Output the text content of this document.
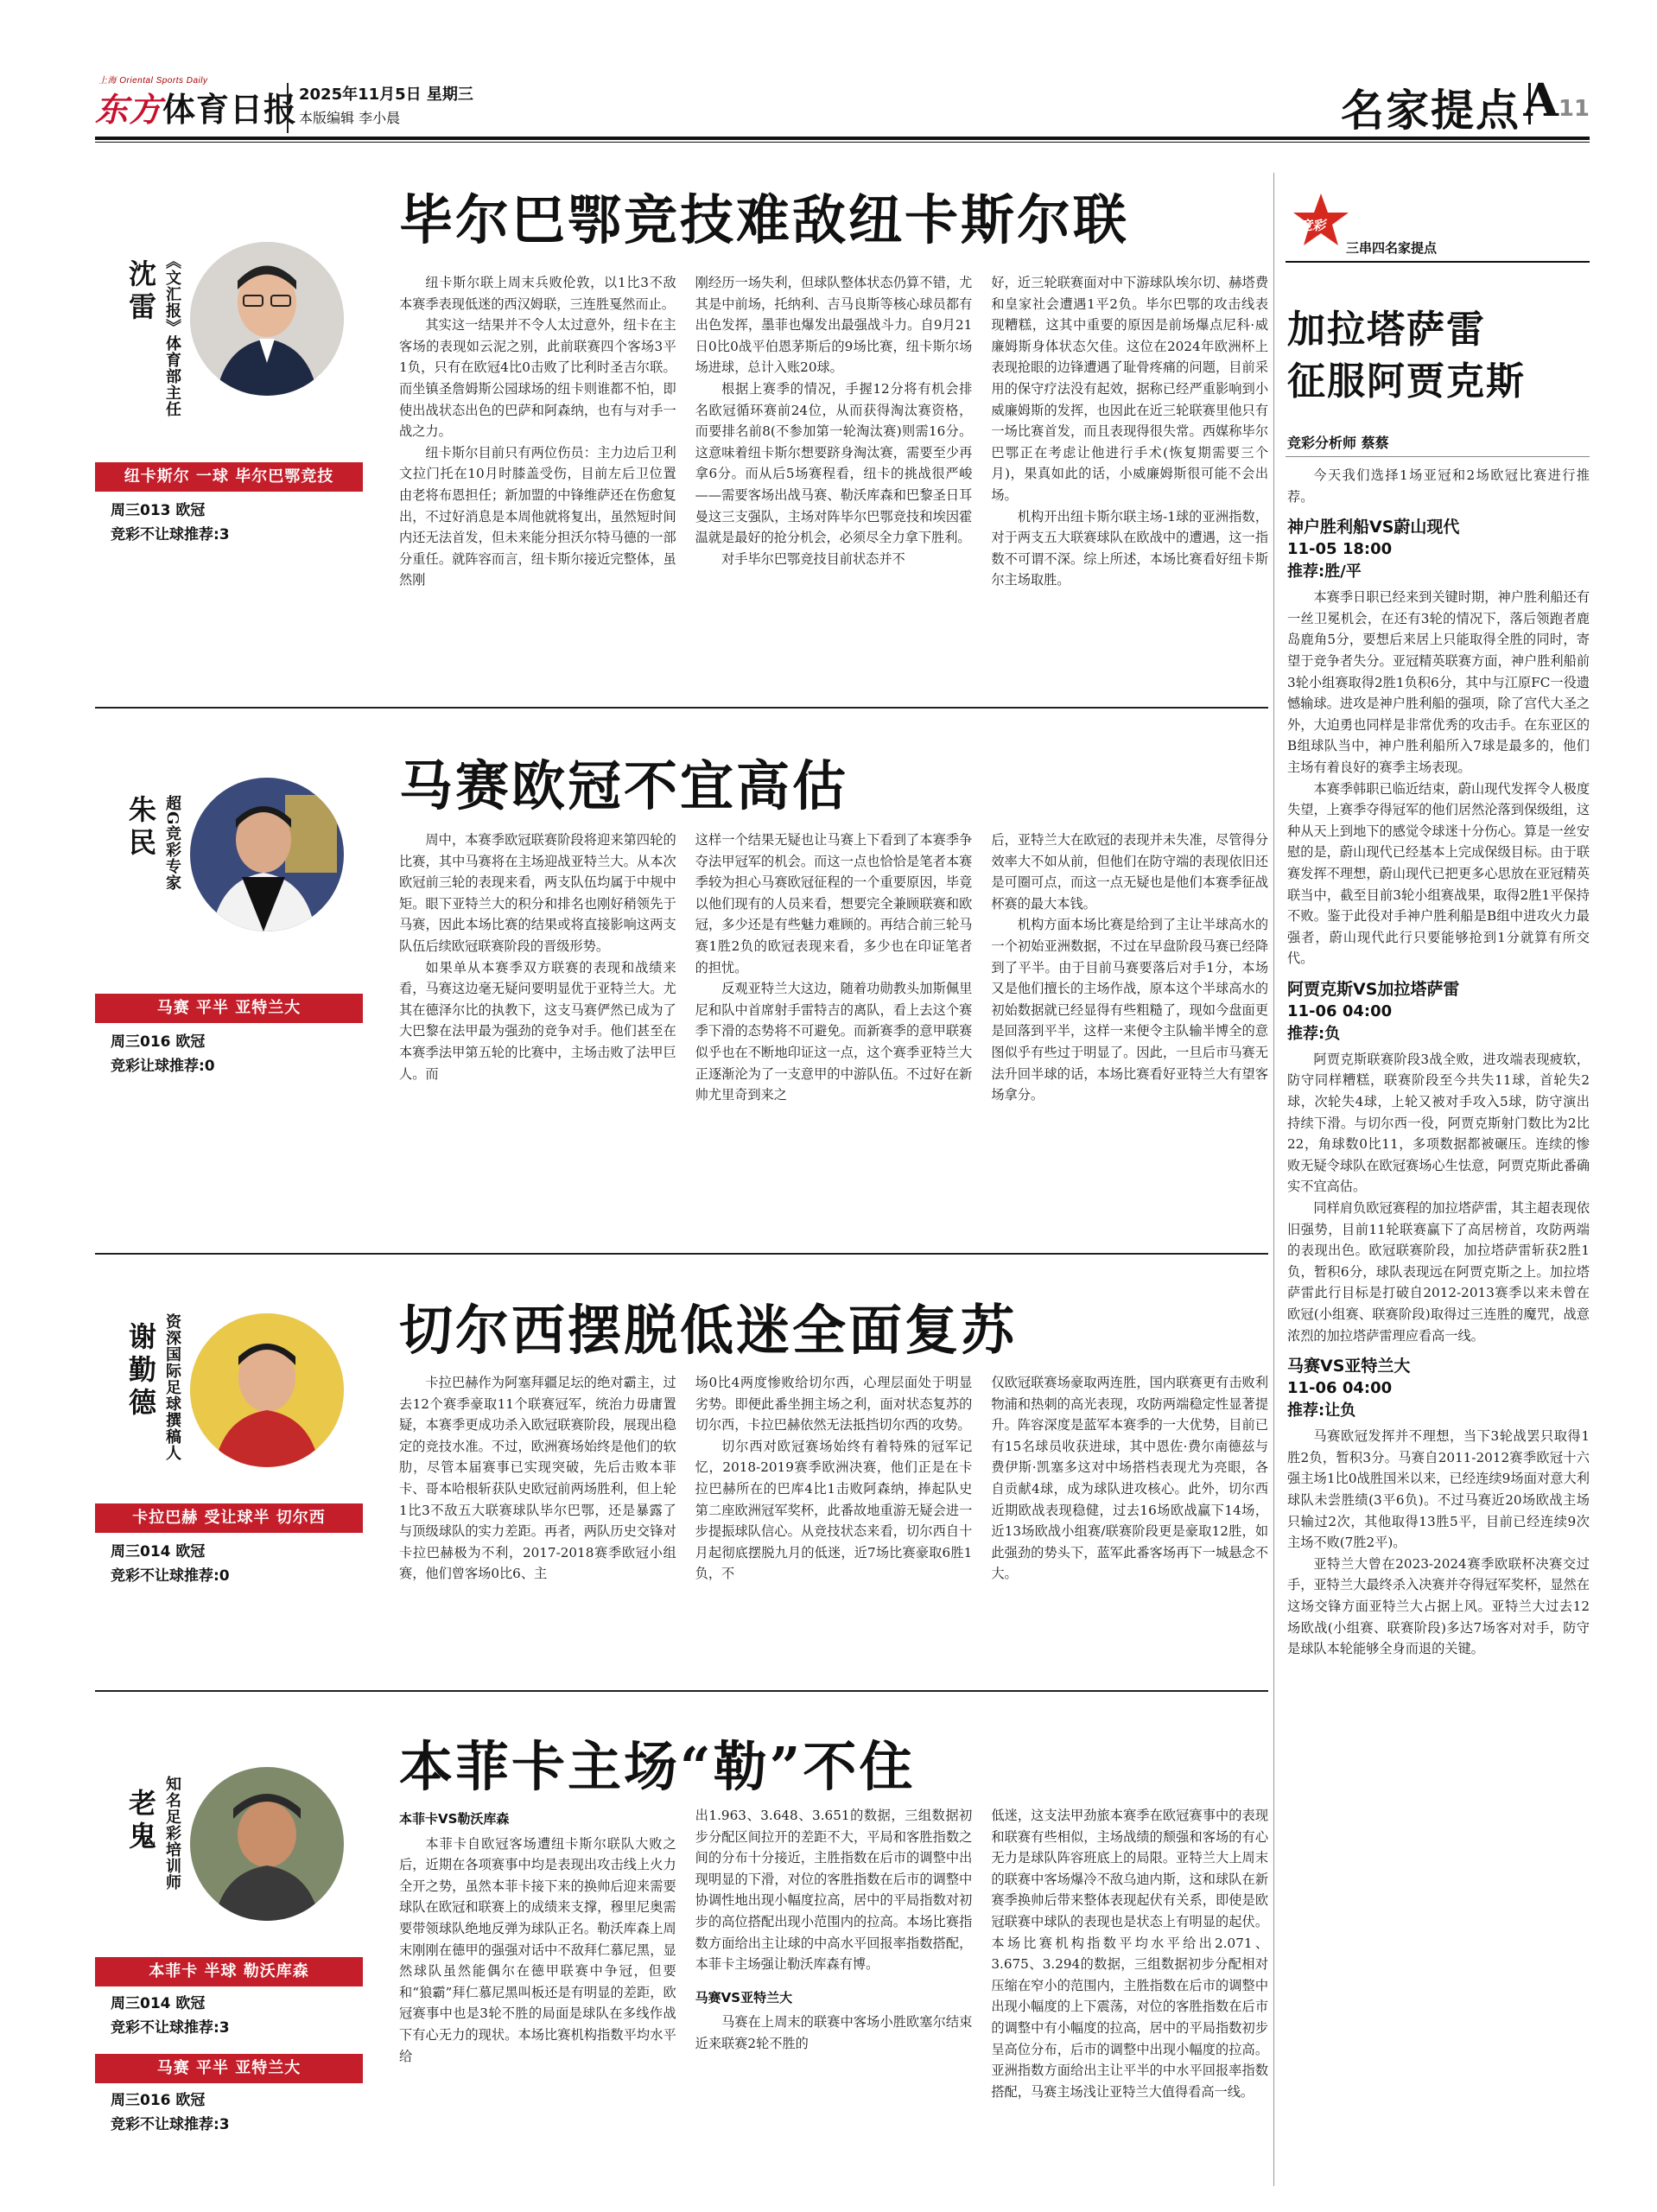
上海 Oriental Sports Daily
东方体育日报 2025年11月5日 星期三
本版编辑 李小晨	名家提点 A11
沈雷 《文汇报》体育部主任
纽卡斯尔 一球 毕尔巴鄂竞技
周三013 欧冠
竞彩不让球推荐:3
毕尔巴鄂竞技难敌纽卡斯尔联

纽卡斯尔联上周末兵败伦敦，以1比3不敌本赛季表现低迷的西汉姆联，三连胜戛然而止。

其实这一结果并不令人太过意外，纽卡在主客场的表现如云泥之别，此前联赛四个客场3平1负，只有在欧冠4比0击败了比利时圣吉尔联。而坐镇圣詹姆斯公园球场的纽卡则谁都不怕，即使出战状态出色的巴萨和阿森纳，也有与对手一战之力。

纽卡斯尔目前只有两位伤员：主力边后卫利文拉门托在10月时膝盖受伤，目前左后卫位置由老将布恩担任；新加盟的中锋维萨还在伤愈复出，不过好消息是本周他就将复出，虽然短时间内还无法首发，但未来能分担沃尔特马德的一部分重任。就阵容而言，纽卡斯尔接近完整体，虽然刚

刚经历一场失利，但球队整体状态仍算不错，尤其是中前场，托纳利、吉马良斯等核心球员都有出色发挥，墨菲也爆发出最强战斗力。自9月21日0比0战平伯恩茅斯后的9场比赛，纽卡斯尔场场进球，总计入账20球。

根据上赛季的情况，手握12分将有机会排名欧冠循环赛前24位，从而获得淘汰赛资格，而要排名前8(不参加第一轮淘汰赛)则需16分。这意味着纽卡斯尔想要跻身淘汰赛，需要至少再拿6分。而从后5场赛程看，纽卡的挑战很严峻——需要客场出战马赛、勒沃库森和巴黎圣日耳曼这三支强队，主场对阵毕尔巴鄂竞技和埃因霍温就是最好的抢分机会，必须尽全力拿下胜利。

对手毕尔巴鄂竞技目前状态并不

好，近三轮联赛面对中下游球队埃尔切、赫塔费和皇家社会遭遇1平2负。毕尔巴鄂的攻击线表现糟糕，这其中重要的原因是前场爆点尼科·威廉姆斯身体状态欠佳。这位在2024年欧洲杯上表现抢眼的边锋遭遇了耻骨疼痛的问题，目前采用的保守疗法没有起效，据称已经严重影响到小威廉姆斯的发挥，也因此在近三轮联赛里他只有一场比赛首发，而且表现得很失常。西媒称毕尔巴鄂正在考虑让他进行手术(恢复期需要三个月)，果真如此的话，小威廉姆斯很可能不会出场。

机构开出纽卡斯尔联主场-1球的亚洲指数，对于两支五大联赛球队在欧战中的遭遇，这一指数不可谓不深。综上所述，本场比赛看好纽卡斯尔主场取胜。

朱民 超G竞彩专家
马赛 平半 亚特兰大
周三016 欧冠
竞彩让球推荐:0
马赛欧冠不宜高估

周中，本赛季欧冠联赛阶段将迎来第四轮的比赛，其中马赛将在主场迎战亚特兰大。从本次欧冠前三轮的表现来看，两支队伍均属于中规中矩。眼下亚特兰大的积分和排名也刚好稍领先于马赛，因此本场比赛的结果或将直接影响这两支队伍后续欧冠联赛阶段的晋级形势。

如果单从本赛季双方联赛的表现和战绩来看，马赛这边毫无疑问要明显优于亚特兰大。尤其在德泽尔比的执教下，这支马赛俨然已成为了大巴黎在法甲最为强劲的竞争对手。他们甚至在本赛季法甲第五轮的比赛中，主场击败了法甲巨人。而

这样一个结果无疑也让马赛上下看到了本赛季争夺法甲冠军的机会。而这一点也恰恰是笔者本赛季较为担心马赛欧冠征程的一个重要原因，毕竟以他们现有的人员来看，想要完全兼顾联赛和欧冠，多少还是有些魅力难顾的。再结合前三轮马赛1胜2负的欧冠表现来看，多少也在印证笔者的担忧。

反观亚特兰大这边，随着功勋教头加斯佩里尼和队中首席射手雷特吉的离队，看上去这个赛季下滑的态势将不可避免。而新赛季的意甲联赛似乎也在不断地印证这一点，这个赛季亚特兰大正逐渐沦为了一支意甲的中游队伍。不过好在新帅尤里奇到来之

后，亚特兰大在欧冠的表现并未失准，尽管得分效率大不如从前，但他们在防守端的表现依旧还是可圈可点，而这一点无疑也是他们本赛季征战杯赛的最大本钱。

机构方面本场比赛是给到了主让半球高水的一个初始亚洲数据，不过在早盘阶段马赛已经降到了平半。由于目前马赛要落后对手1分，本场又是他们擅长的主场作战，原本这个半球高水的初始数据就已经显得有些粗糙了，现如今盘面更是回落到平半，这样一来便令主队输半博全的意图似乎有些过于明显了。因此，一旦后市马赛无法升回半球的话，本场比赛看好亚特兰大有望客场拿分。

谢勤德 资深国际足球撰稿人
卡拉巴赫 受让球半 切尔西
周三014 欧冠
竞彩不让球推荐:0
切尔西摆脱低迷全面复苏

卡拉巴赫作为阿塞拜疆足坛的绝对霸主，过去12个赛季豪取11个联赛冠军，统治力毋庸置疑，本赛季更成功杀入欧冠联赛阶段，展现出稳定的竞技水准。不过，欧洲赛场始终是他们的软肋，尽管本届赛事已实现突破，先后击败本菲卡、哥本哈根斩获队史欧冠前两场胜利，但上轮1比3不敌五大联赛球队毕尔巴鄂，还是暴露了与顶级球队的实力差距。再者，两队历史交锋对卡拉巴赫极为不利，2017-2018赛季欧冠小组赛，他们曾客场0比6、主

场0比4两度惨败给切尔西，心理层面处于明显劣势。即便此番坐拥主场之利，面对状态复苏的切尔西，卡拉巴赫依然无法抵挡切尔西的攻势。

切尔西对欧冠赛场始终有着特殊的冠军记忆，2018-2019赛季欧洲决赛，他们正是在卡拉巴赫所在的巴库4比1击败阿森纳，捧起队史第二座欧洲冠军奖杯，此番故地重游无疑会进一步提振球队信心。从竞技状态来看，切尔西自十月起彻底摆脱九月的低迷，近7场比赛豪取6胜1负，不

仅欧冠联赛场豪取两连胜，国内联赛更有击败利物浦和热刺的高光表现，攻防两端稳定性显著提升。阵容深度是蓝军本赛季的一大优势，目前已有15名球员收获进球，其中恩佐·费尔南德兹与费伊斯·凯塞多这对中场搭档表现尤为亮眼，各自贡献4球，成为球队进攻核心。此外，切尔西近期欧战表现稳健，过去16场欧战赢下14场，近13场欧战小组赛/联赛阶段更是豪取12胜，如此强劲的势头下，蓝军此番客场再下一城悬念不大。

老鬼 知名足彩培训师
本菲卡 半球 勒沃库森
周三014 欧冠
竞彩不让球推荐:3
马赛 平半 亚特兰大
周三016 欧冠
竞彩不让球推荐:3
本菲卡主场“勒”不住

本菲卡VS勒沃库森

本菲卡自欧冠客场遭纽卡斯尔联队大败之后，近期在各项赛事中均是表现出攻击线上火力全开之势，虽然本菲卡接下来的换帅后迎来需要球队在欧冠和联赛上的成绩来支撑，穆里尼奥需要带领球队绝地反弹为球队正名。勒沃库森上周末刚刚在德甲的强强对话中不敌拜仁慕尼黑，显然球队虽然能偶尔在德甲联赛中争冠，但要和“狼霸”拜仁慕尼黑叫板还是有明显的差距，欧冠赛事中也是3轮不胜的局面是球队在多线作战下有心无力的现状。本场比赛机构指数平均水平给

出1.963、3.648、3.651的数据，三组数据初步分配区间拉开的差距不大，平局和客胜指数之间的分布十分接近，主胜指数在后市的调整中出现明显的下滑，对位的客胜指数在后市的调整中协调性地出现小幅度拉高，居中的平局指数对初步的高位搭配出现小范围内的拉高。本场比赛指数方面给出主让球的中高水平回报率指数搭配，本菲卡主场强让勒沃库森有博。

马赛VS亚特兰大

马赛在上周末的联赛中客场小胜欧塞尔结束近来联赛2轮不胜的

低迷，这支法甲劲旅本赛季在欧冠赛事中的表现和联赛有些相似，主场战绩的颓强和客场的有心无力是球队阵容班底上的局限。亚特兰大上周末的联赛中客场爆冷不敌乌迪内斯，这和球队在新赛季换帅后带来整体表现起伏有关系，即使是欧冠联赛中球队的表现也是状态上有明显的起伏。本场比赛机构指数平均水平给出2.071、3.675、3.294的数据，三组数据初步分配相对压缩在窄小的范围内，主胜指数在后市的调整中出现小幅度的上下震荡，对位的客胜指数在后市的调整中有小幅度的拉高，居中的平局指数初步呈高位分布，后市的调整中出现小幅度的拉高。亚洲指数方面给出主让平半的中水平回报率指数搭配，马赛主场浅让亚特兰大值得看高一线。

竞彩
三串四名家提点
加拉塔萨雷
征服阿贾克斯
竞彩分析师 蔡蔡

今天我们选择1场亚冠和2场欧冠比赛进行推荐。

神户胜利船VS蔚山现代
11-05 18:00
推荐:胜/平

本赛季日职已经来到关键时期，神户胜利船还有一丝卫冕机会，在还有3轮的情况下，落后领跑者鹿岛鹿角5分，要想后来居上只能取得全胜的同时，寄望于竞争者失分。亚冠精英联赛方面，神户胜利船前3轮小组赛取得2胜1负积6分，其中与江原FC一役遗憾输球。进攻是神户胜利船的强项，除了宫代大圣之外，大迫勇也同样是非常优秀的攻击手。在东亚区的B组球队当中，神户胜利船所入7球是最多的，他们主场有着良好的赛季主场表现。

本赛季韩职已临近结束，蔚山现代发挥令人极度失望，上赛季夺得冠军的他们居然沦落到保级组，这种从天上到地下的感觉令球迷十分伤心。算是一丝安慰的是，蔚山现代已经基本上完成保级目标。由于联赛发挥不理想，蔚山现代已把更多心思放在亚冠精英联当中，截至目前3轮小组赛战果，取得2胜1平保持不败。鉴于此役对手神户胜利船是B组中进攻火力最强者，蔚山现代此行只要能够抢到1分就算有所交代。

阿贾克斯VS加拉塔萨雷
11-06 04:00
推荐:负

阿贾克斯联赛阶段3战全败，进攻端表现疲软，防守同样糟糕，联赛阶段至今共失11球，首轮失2球，次轮失4球，上轮又被对手攻入5球，防守演出持续下滑。与切尔西一役，阿贾克斯射门数比为2比22，角球数0比11，多项数据都被碾压。连续的惨败无疑令球队在欧冠赛场心生怯意，阿贾克斯此番确实不宜高估。

同样肩负欧冠赛程的加拉塔萨雷，其主超表现依旧强势，目前11轮联赛赢下了高居榜首，攻防两端的表现出色。欧冠联赛阶段，加拉塔萨雷斩获2胜1负，暂积6分，球队表现远在阿贾克斯之上。加拉塔萨雷此行目标是打破自2012-2013赛季以来未曾在欧冠(小组赛、联赛阶段)取得过三连胜的魔咒，战意浓烈的加拉塔萨雷理应看高一线。

马赛VS亚特兰大
11-06 04:00
推荐:让负

马赛欧冠发挥并不理想，当下3轮战罢只取得1胜2负，暂积3分。马赛自2011-2012赛季欧冠十六强主场1比0战胜国米以来，已经连续9场面对意大利球队未尝胜绩(3平6负)。不过马赛近20场欧战主场只输过2次，其他取得13胜5平，目前已经连续9次主场不败(7胜2平)。

亚特兰大曾在2023-2024赛季欧联杯决赛交过手，亚特兰大最终杀入决赛并夺得冠军奖杯，显然在这场交锋方面亚特兰大占据上风。亚特兰大过去12场欧战(小组赛、联赛阶段)多达7场客对对手，防守是球队本轮能够全身而退的关键。
